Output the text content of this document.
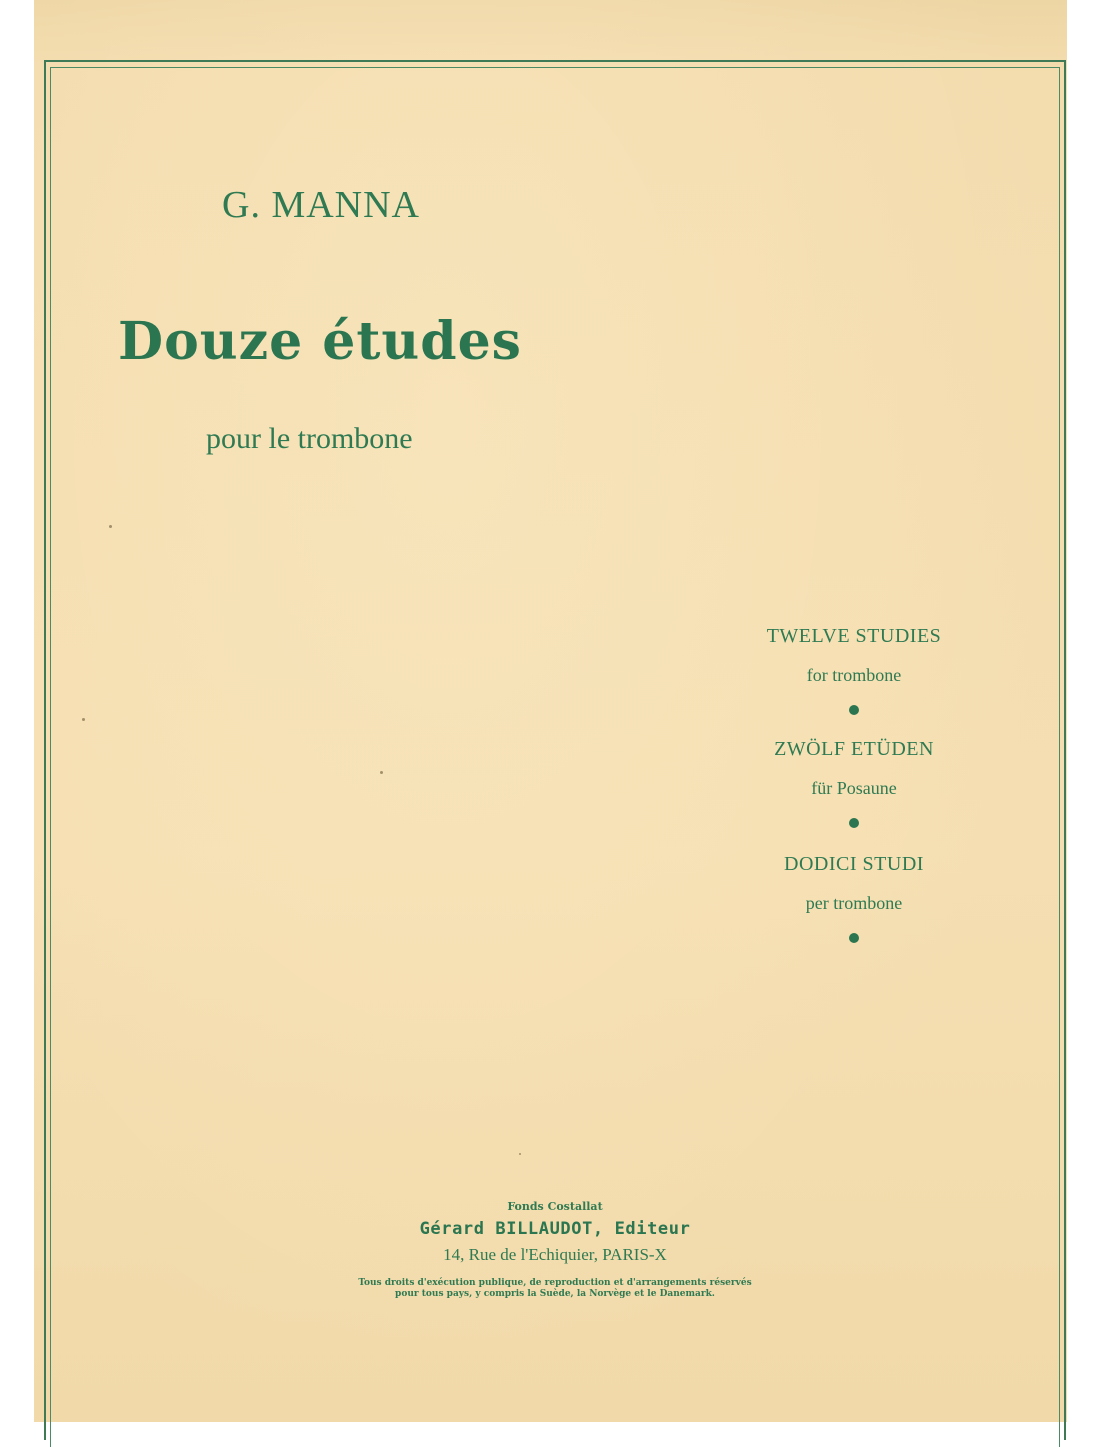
G. MANNA
Douze études
pour le trombone
TWELVE STUDIES
for trombone
ZWÖLF ETÜDEN
für Posaune
DODICI STUDI
per trombone
Fonds Costallat
Gérard BILLAUDOT, Editeur
14, Rue de l'Echiquier, PARIS-X
Tous droits d'exécution publique, de reproduction et d'arrangements réservés
pour tous pays, y compris la Suède, la Norvège et le Danemark.
